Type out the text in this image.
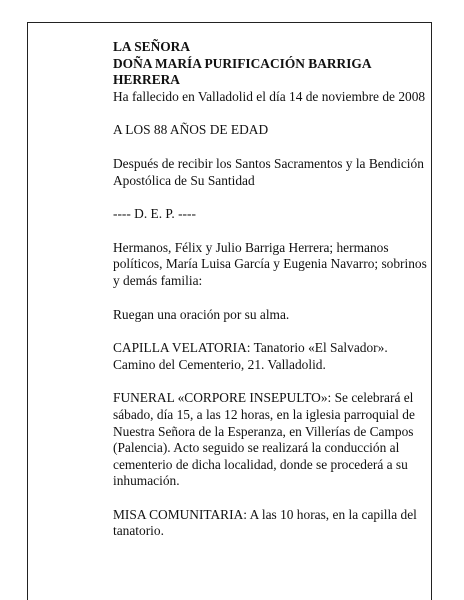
LA SEÑORA

DOÑA MARÍA PURIFICACIÓN BARRIGA HERRERA

Ha fallecido en Valladolid el día 14 de noviembre de 2008

A LOS 88 AÑOS DE EDAD

Después de recibir los Santos Sacramentos y la Bendición Apostólica de Su Santidad

---- D. E. P. ----

Hermanos, Félix y Julio Barriga Herrera; hermanos políticos, María Luisa García y Eugenia Navarro; sobrinos y demás familia:

Ruegan una oración por su alma.

CAPILLA VELATORIA: Tanatorio «El Salvador». Camino del Cementerio, 21. Valladolid.

FUNERAL «CORPORE INSEPULTO»: Se celebrará el sábado, día 15, a las 12 horas, en la iglesia parroquial de Nuestra Señora de la Esperanza, en Villerías de Campos (Palencia). Acto seguido se realizará la conducción al cementerio de dicha localidad, donde se procederá a su inhumación.

MISA COMUNITARIA: A las 10 horas, en la capilla del tanatorio.
